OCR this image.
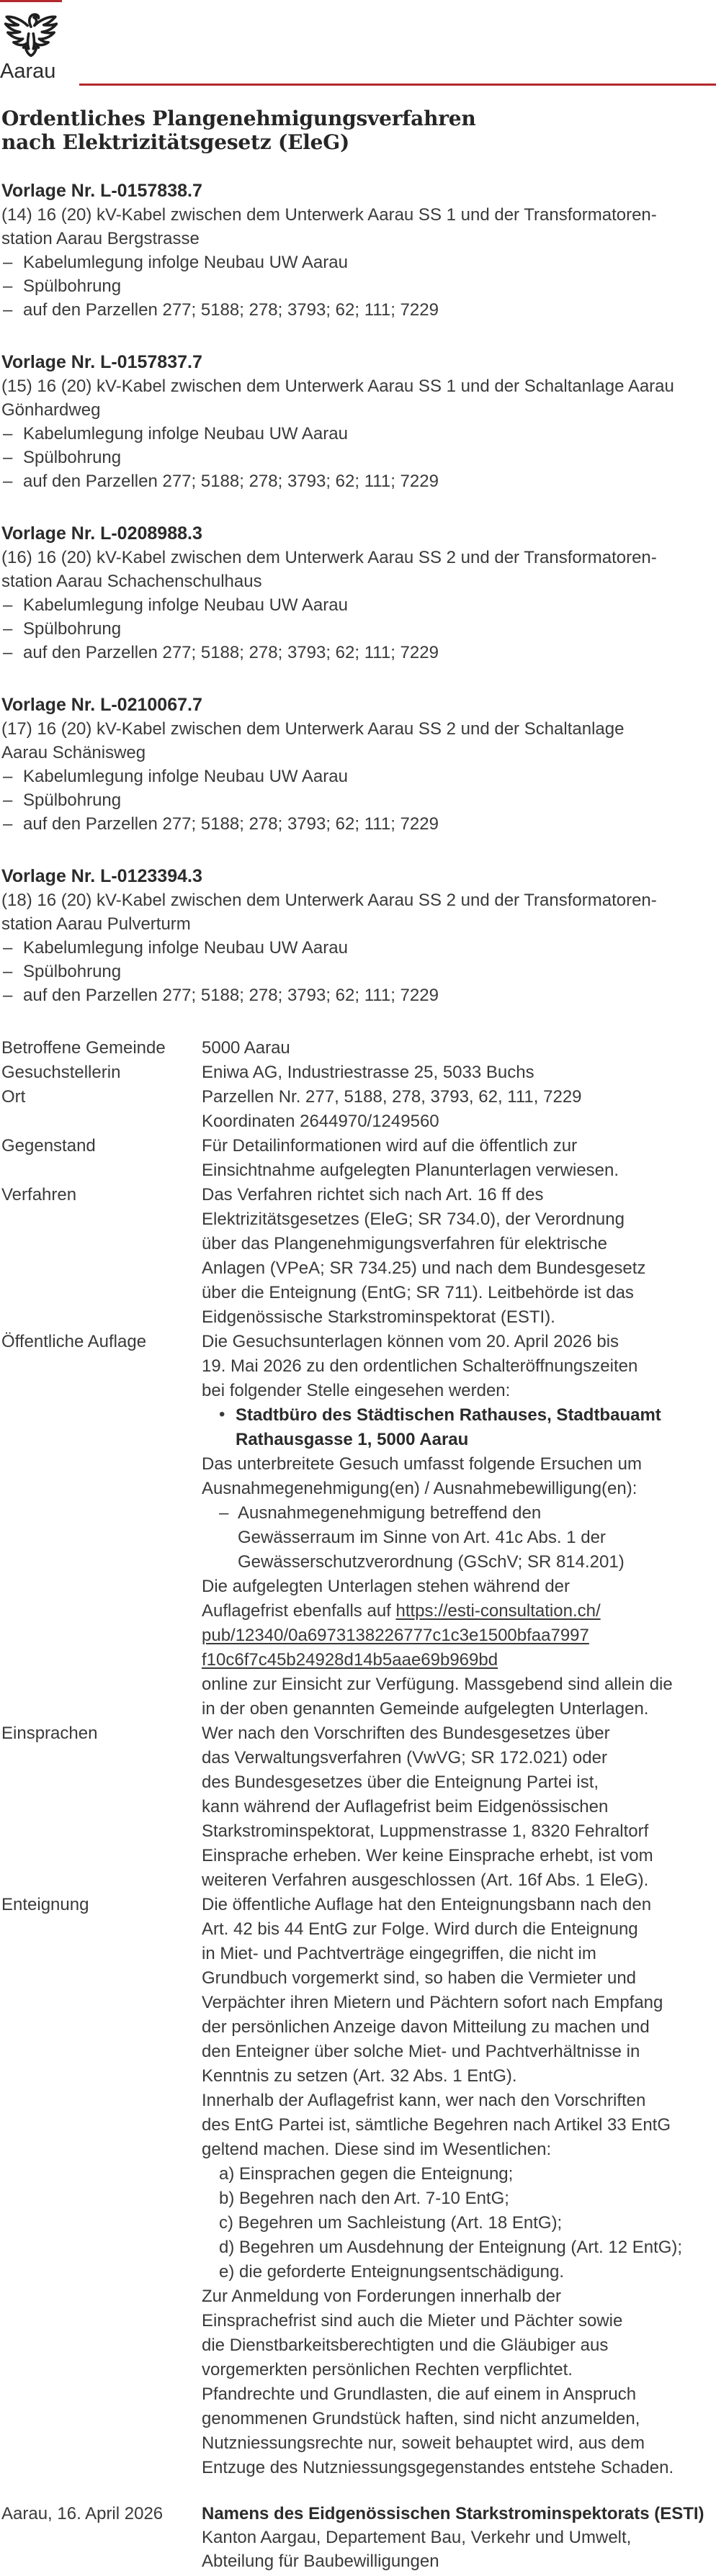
Aarau
Ordentliches Plangenehmigungsverfahren
nach Elektrizitätsgesetz (EleG)
Vorlage Nr. L-0157838.7
(14) 16 (20) kV-Kabel zwischen dem Unterwerk Aarau SS 1 und der Transformatoren-
station Aarau Bergstrasse
– Kabelumlegung infolge Neubau UW Aarau
– Spülbohrung
– auf den Parzellen 277; 5188; 278; 3793; 62; 111; 7229
Vorlage Nr. L-0157837.7
(15) 16 (20) kV-Kabel zwischen dem Unterwerk Aarau SS 1 und der Schaltanlage Aarau
Gönhardweg
– Kabelumlegung infolge Neubau UW Aarau
– Spülbohrung
– auf den Parzellen 277; 5188; 278; 3793; 62; 111; 7229
Vorlage Nr. L-0208988.3
(16) 16 (20) kV-Kabel zwischen dem Unterwerk Aarau SS 2 und der Transformatoren-
station Aarau Schachenschulhaus
– Kabelumlegung infolge Neubau UW Aarau
– Spülbohrung
– auf den Parzellen 277; 5188; 278; 3793; 62; 111; 7229
Vorlage Nr. L-0210067.7
(17) 16 (20) kV-Kabel zwischen dem Unterwerk Aarau SS 2 und der Schaltanlage
Aarau Schänisweg
– Kabelumlegung infolge Neubau UW Aarau
– Spülbohrung
– auf den Parzellen 277; 5188; 278; 3793; 62; 111; 7229
Vorlage Nr. L-0123394.3
(18) 16 (20) kV-Kabel zwischen dem Unterwerk Aarau SS 2 und der Transformatoren-
station Aarau Pulverturm
– Kabelumlegung infolge Neubau UW Aarau
– Spülbohrung
– auf den Parzellen 277; 5188; 278; 3793; 62; 111; 7229
Betroffene Gemeinde 5000 Aarau
Gesuchstellerin	Eniwa AG, Industriestrasse 25, 5033 Buchs
Ort	Parzellen Nr. 277, 5188, 278, 3793, 62, 111, 7229
Koordinaten 2644970/1249560
Gegenstand	Für Detailinformationen wird auf die öffentlich zur
Einsichtnahme aufgelegten Planunterlagen verwiesen.
Verfahren	Das Verfahren richtet sich nach Art. 16 ff des
Elektrizitätsgesetzes (EleG; SR 734.0), der Verordnung
über das Plangenehmigungsverfahren für elektrische
Anlagen (VPeA; SR 734.25) und nach dem Bundesgesetz
über die Enteignung (EntG; SR 711). Leitbehörde ist das
Eidgenössische Starkstrominspektorat (ESTI).
Öffentliche Auflage	Die Gesuchsunterlagen können vom 20. April 2026 bis
19. Mai 2026 zu den ordentlichen Schalteröffnungszeiten
bei folgender Stelle eingesehen werden:
• Stadtbüro des Städtischen Rathauses, Stadtbauamt
Rathausgasse 1, 5000 Aarau
Das unterbreitete Gesuch umfasst folgende Ersuchen um
Ausnahmegenehmigung(en) / Ausnahmebewilligung(en):
– Ausnahmegenehmigung betreffend den
Gewässerraum im Sinne von Art. 41c Abs. 1 der
Gewässerschutzverordnung (GSchV; SR 814.201)
Die aufgelegten Unterlagen stehen während der
Auflagefrist ebenfalls auf https://esti-consultation.ch/
pub/12340/0a6973138226777c1c3e1500bfaa7997
f10c6f7c45b24928d14b5aae69b969bd
online zur Einsicht zur Verfügung. Massgebend sind allein die
in der oben genannten Gemeinde aufgelegten Unterlagen.
Einsprachen	Wer nach den Vorschriften des Bundesgesetzes über
das Verwaltungsverfahren (VwVG; SR 172.021) oder
des Bundesgesetzes über die Enteignung Partei ist,
kann während der Auflagefrist beim Eidgenössischen
Starkstrominspektorat, Luppmenstrasse 1, 8320 Fehraltorf
Einsprache erheben. Wer keine Einsprache erhebt, ist vom
weiteren Verfahren ausgeschlossen (Art. 16f Abs. 1 EleG).
Enteignung	Die öffentliche Auflage hat den Enteignungsbann nach den
Art. 42 bis 44 EntG zur Folge. Wird durch die Enteignung
in Miet- und Pachtverträge eingegriffen, die nicht im
Grundbuch vorgemerkt sind, so haben die Vermieter und
Verpächter ihren Mietern und Pächtern sofort nach Empfang
der persönlichen Anzeige davon Mitteilung zu machen und
den Enteigner über solche Miet- und Pachtverhältnisse in
Kenntnis zu setzen (Art. 32 Abs. 1 EntG).
Innerhalb der Auflagefrist kann, wer nach den Vorschriften
des EntG Partei ist, sämtliche Begehren nach Artikel 33 EntG
geltend machen. Diese sind im Wesentlichen:
a) Einsprachen gegen die Enteignung;
b) Begehren nach den Art. 7-10 EntG;
c) Begehren um Sachleistung (Art. 18 EntG);
d) Begehren um Ausdehnung der Enteignung (Art. 12 EntG);
e) die geforderte Enteignungsentschädigung.
Zur Anmeldung von Forderungen innerhalb der
Einsprachefrist sind auch die Mieter und Pächter sowie
die Dienstbarkeitsberechtigten und die Gläubiger aus
vorgemerkten persönlichen Rechten verpflichtet.
Pfandrechte und Grundlasten, die auf einem in Anspruch
genommenen Grundstück haften, sind nicht anzumelden,
Nutzniessungsrechte nur, soweit behauptet wird, aus dem
Entzuge des Nutzniessungsgegenstandes entstehe Schaden.
Aarau, 16. April 2026 Namens des Eidgenössischen Starkstrominspektorats (ESTI)
Kanton Aargau, Departement Bau, Verkehr und Umwelt,
Abteilung für Baubewilligungen
